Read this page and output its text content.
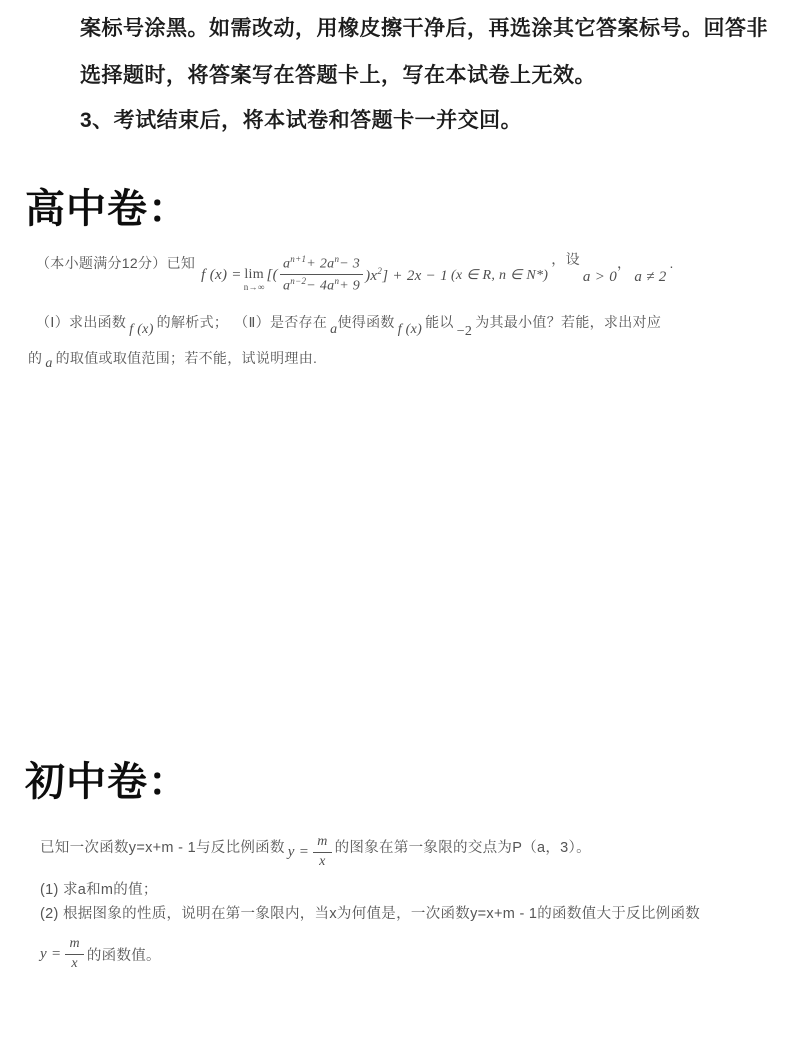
案标号涂黑。如需改动，用橡皮擦干净后，再选涂其它答案标号。回答非
选择题时，将答案写在答题卡上，写在本试卷上无效。
3、考试结束后，将本试卷和答题卡一并交回。
高中卷：
（本小题满分12分）已知
f (x) = lim
n→∞
[( $\frac{a^{n+1}+ 2a^n- 3}{a^{n-2}- 4a^n+ 9} )x^2] + 2x - 1$ (x ∈ R, n ∈ N*)
，设
a > 0
，
a ≠ 2
.
（Ⅰ）求出函数 f (x) 的解析式； （Ⅱ）是否存在 a 使得函数 f (x) 能以
−2
为其最小值？若能，求出对应
的 a 的取值或取值范围；若不能，试说明理由.
初中卷：
已知一次函数y=x+m - 1与反比例函数 $y = \frac{m}{x}$ 的图象在第一象限的交点为P（a，3）。
(1) 求a和m的值；
(2) 根据图象的性质，说明在第一象限内，当x为何值是，一次函数y=x+m - 1的函数值大于反比例函数
$y = \frac{m}{x}$ 的函数值。
